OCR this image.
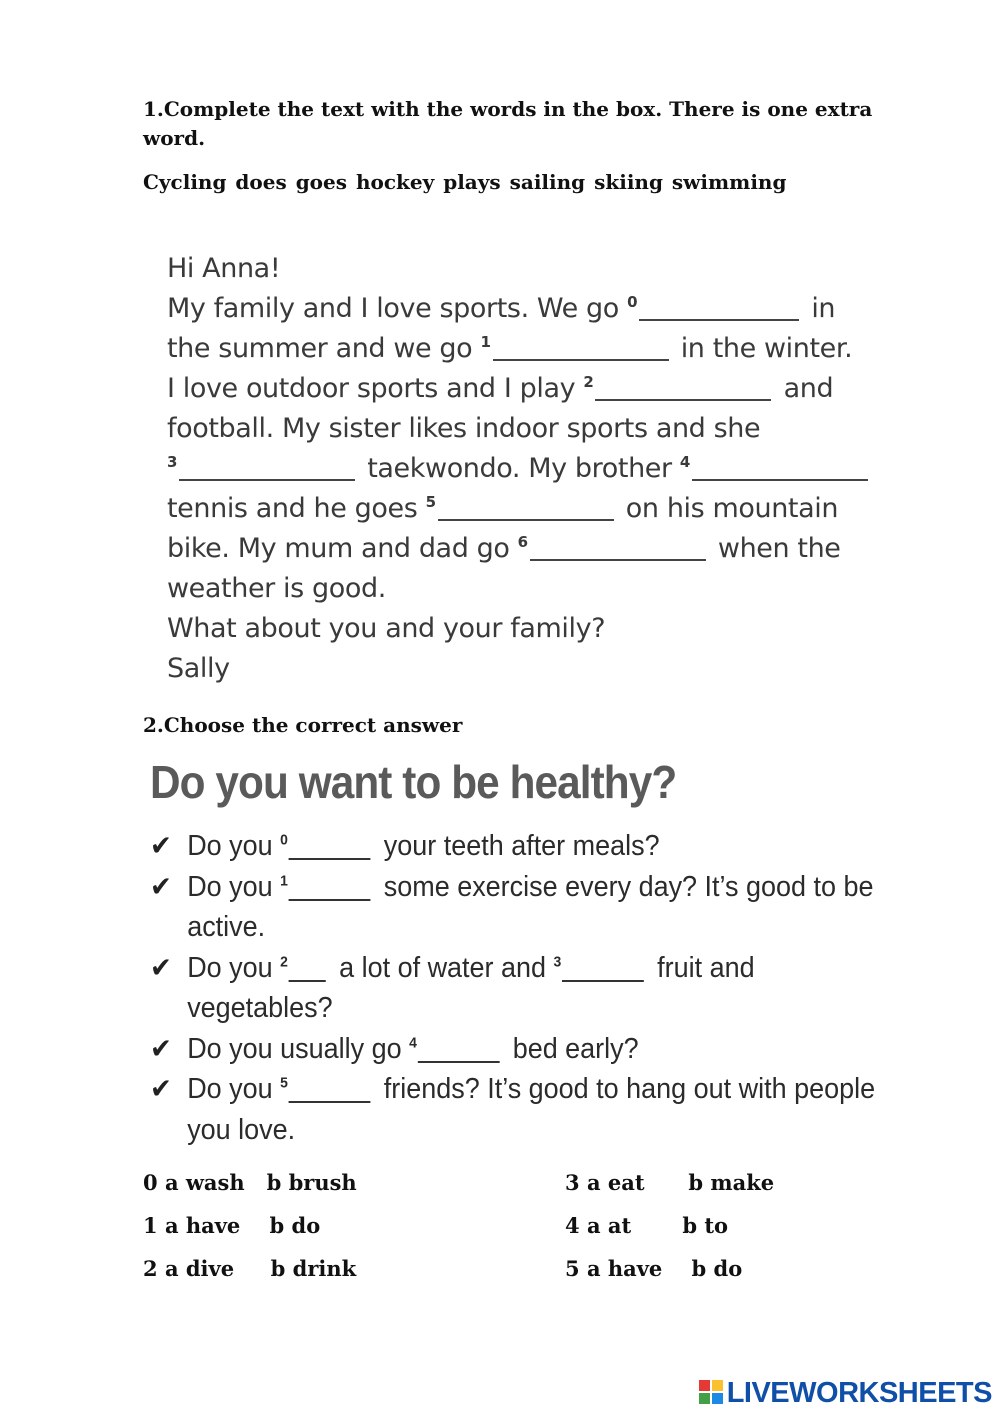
1.Complete the text with the words in the box. There is one extra word.
Cycling does goes hockey plays sailing skiing swimming
Hi Anna!
My family and I love sports. We go $^0$	in
the summer and we go $^1$	in the winter.
I love outdoor sports and I play $^2$	and
football. My sister likes indoor sports and she
$^3$	taekwondo. My brother $^4$
tennis and he goes $^5$	on his mountain
bike. My mum and dad go $^6$	when the
weather is good.
What about you and your family?
Sally
2.Choose the correct answer
Do you want to be healthy?
✔ Do you $^0$	your teeth after meals?
✔ Do you $^1$	some exercise every day? It’s good to be
active.
✔ Do you $^2$ a lot of water and $^3$	fruit and
vegetables?
✔ Do you usually go $^4$	bed early?
✔ Do you $^5$	friends? It’s good to hang out with people
you love.
0 a wash b brush
1 a have b do
2 a dive b drink
3 a eat b make
4 a at b to
5 a have b do
LIVEWORKSHEETS
